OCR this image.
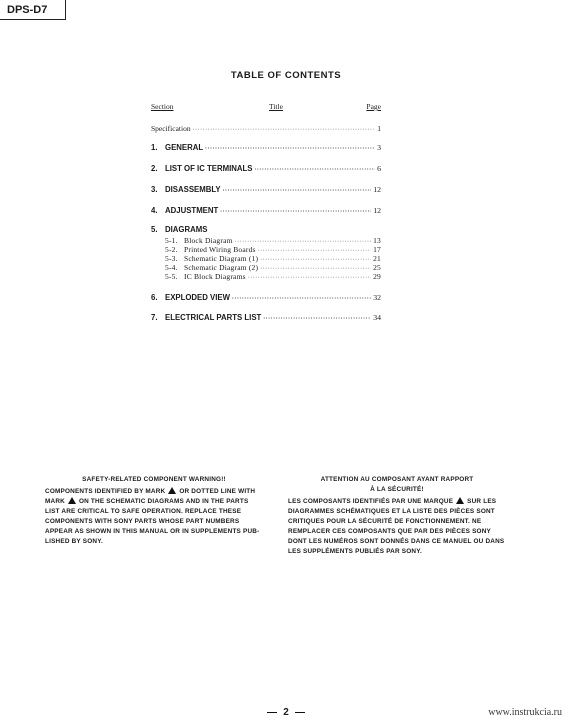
DPS-D7
TABLE OF CONTENTS
Section	Title	Page
Specification ·····	1
1. GENERAL ·····	3
2. LIST OF IC TERMINALS ·····	6
3. DISASSEMBLY ·····	12
4. ADJUSTMENT ·····	12
5. DIAGRAMS
5-1. Block Diagram ·····	13
5-2. Printed Wiring Boards ·····	17
5-3. Schematic Diagram (1) ·····	21
5-4. Schematic Diagram (2) ·····	25
5-5. IC Block Diagrams ·····	29
6. EXPLODED VIEW ·····	32
7. ELECTRICAL PARTS LIST ·····	34
SAFETY-RELATED COMPONENT WARNING!!

COMPONENTS IDENTIFIED BY MARK OR DOTTED LINE WITH MARK ON THE SCHEMATIC DIAGRAMS AND IN THE PARTS LIST ARE CRITICAL TO SAFE OPERATION. REPLACE THESE COMPONENTS WITH SONY PARTS WHOSE PART NUMBERS APPEAR AS SHOWN IN THIS MANUAL OR IN SUPPLEMENTS PUB-LISHED BY SONY.

ATTENTION AU COMPOSANT AYANT RAPPORT
À LA SÉCURITÉ!

LES COMPOSANTS IDENTIFIÉS PAR UNE MARQUE SUR LES DIAGRAMMES SCHÉMATIQUES ET LA LISTE DES PIÈCES SONT CRITIQUES POUR LA SÉCURITÉ DE FONCTIONNEMENT. NE REMPLACER CES COMPOSANTS QUE PAR DES PIÈCES SONY DONT LES NUMÉROS SONT DONNÉS DANS CE MANUEL OU DANS LES SUPPLÉMENTS PUBLIÉS PAR SONY.

2	www.instrukcia.ru
